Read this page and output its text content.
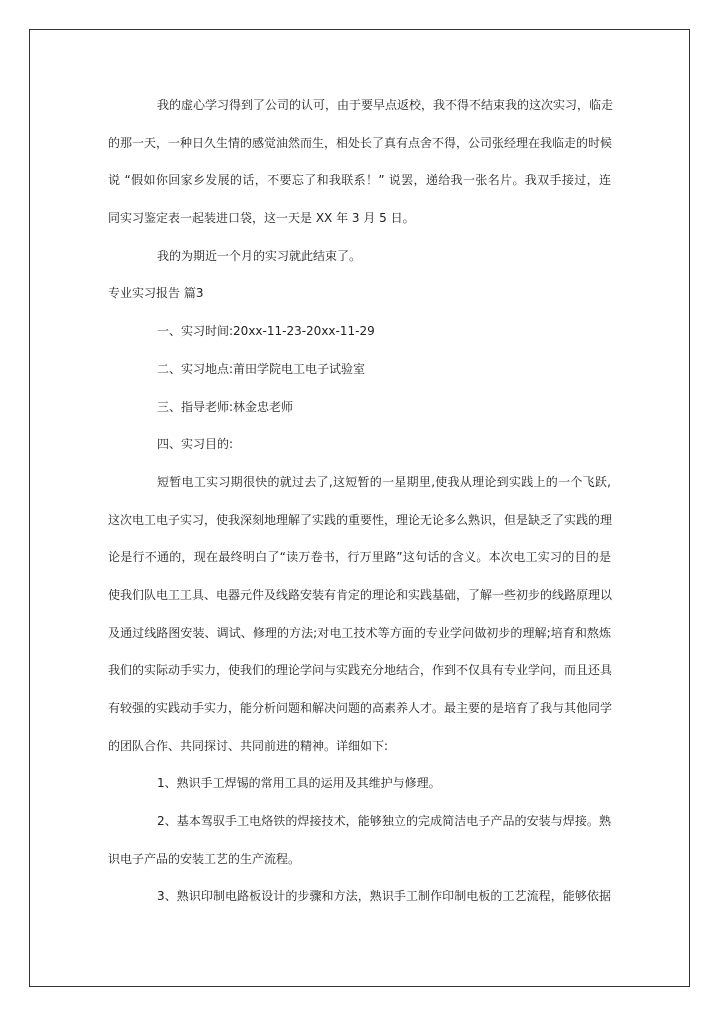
我的虚心学习得到了公司的认可，由于要早点返校，我不得不结束我的这次实习，临走
的那一天，一种日久生情的感觉油然而生，相处长了真有点舍不得，公司张经理在我临走的时候
说 “假如你回家乡发展的话，不要忘了和我联系！” 说罢，递给我一张名片。我双手接过，连
同实习鉴定表一起装进口袋，这一天是 XX 年 3 月 5 日。
我的为期近一个月的实习就此结束了。
专业实习报告 篇3
一、实习时间:20xx-11-23-20xx-11-29
二、实习地点:莆田学院电工电子试验室
三、指导老师:林金忠老师
四、实习目的:
短暂电工实习期很快的就过去了,这短暂的一星期里,使我从理论到实践上的一个飞跃,
这次电工电子实习，使我深刻地理解了实践的重要性，理论无论多么熟识，但是缺乏了实践的理
论是行不通的，现在最终明白了“读万卷书，行万里路”这句话的含义。本次电工实习的目的是
使我们队电工工具、电器元件及线路安装有肯定的理论和实践基础，了解一些初步的线路原理以
及通过线路图安装、调试、修理的方法;对电工技术等方面的专业学问做初步的理解;培育和熬炼
我们的实际动手实力，使我们的理论学问与实践充分地结合，作到不仅具有专业学问，而且还具
有较强的实践动手实力，能分析问题和解决问题的高素养人才。最主要的是培育了我与其他同学
的团队合作、共同探讨、共同前进的精神。详细如下:
1、熟识手工焊锡的常用工具的运用及其维护与修理。
2、基本驾驭手工电烙铁的焊接技术，能够独立的完成简洁电子产品的安装与焊接。熟
识电子产品的安装工艺的生产流程。
3、熟识印制电路板设计的步骤和方法，熟识手工制作印制电板的工艺流程，能够依据
